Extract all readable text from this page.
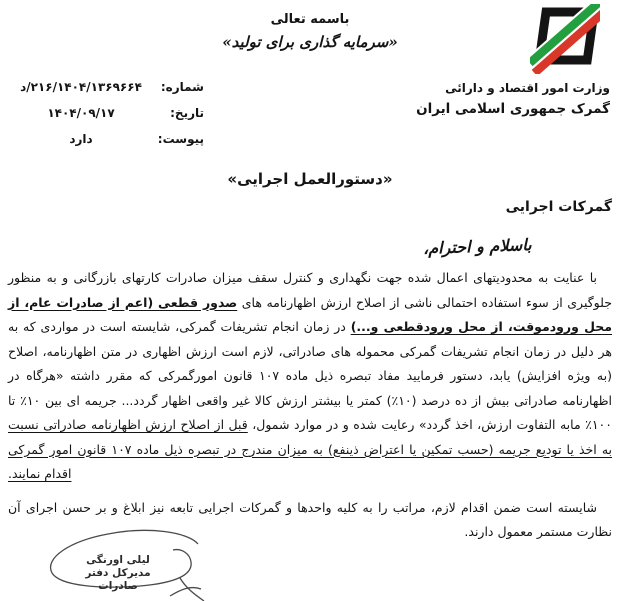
باسمه تعالی
«سرمایه گذاری برای تولید»
وزارت امور اقتصاد و دارائی
گمرک جمهوری اسلامی ایران
شماره:
د/۲۱۶/۱۴۰۴/۱۳۶۹۶۶۴
تاریخ:
۱۴۰۴/۰۹/۱۷
پیوست:
دارد
«دستورالعمل اجرایی»
گمرکات اجرایی
باسلام و احترام،

با عنایت به محدودیتهای اعمال شده جهت نگهداری و کنترل سقف میزان صادرات کارتهای بازرگانی و به منظور جلوگیری از سوء استفاده احتمالی ناشی از اصلاح ارزش اظهارنامه های صدور قطعی (اعم از صادرات عام، از محل ورودموقت، از محل ورودقطعی و...) در زمان انجام تشریفات گمرکی، شایسته است در مواردی که به هر دلیل در زمان انجام تشریفات گمرکی محموله های صادراتی، لازم است ارزش اظهاری در متن اظهارنامه، اصلاح (به ویژه افزایش) یابد، دستور فرمایید مفاد تبصره ذیل ماده ۱۰۷ قانون امورگمرکی که مقرر داشته «هرگاه در اظهارنامه صادراتی بیش از ده درصد (۱۰٪) کمتر یا بیشتر ارزش کالا غیر واقعی اظهار گردد... جریمه ای بین ۱۰٪ تا ۱۰۰٪ مابه التفاوت ارزش، اخذ گردد» رعایت شده و در موارد شمول، قبل از اصلاح ارزش اظهارنامه صادراتی نسبت به اخذ یا تودیع جریمه (حسب تمکین یا اعتراض ذینفع) به میزان مندرج در تبصره ذیل ماده ۱۰۷ قانون امور گمرکی اقدام نمایند.

شایسته است ضمن اقدام لازم، مراتب را به کلیه واحدها و گمرکات اجرایی تابعه نیز ابلاغ و بر حسن اجرای آن نظارت مستمر معمول دارند.

لیلی اورنگی
مدیرکل دفتر صادرات
